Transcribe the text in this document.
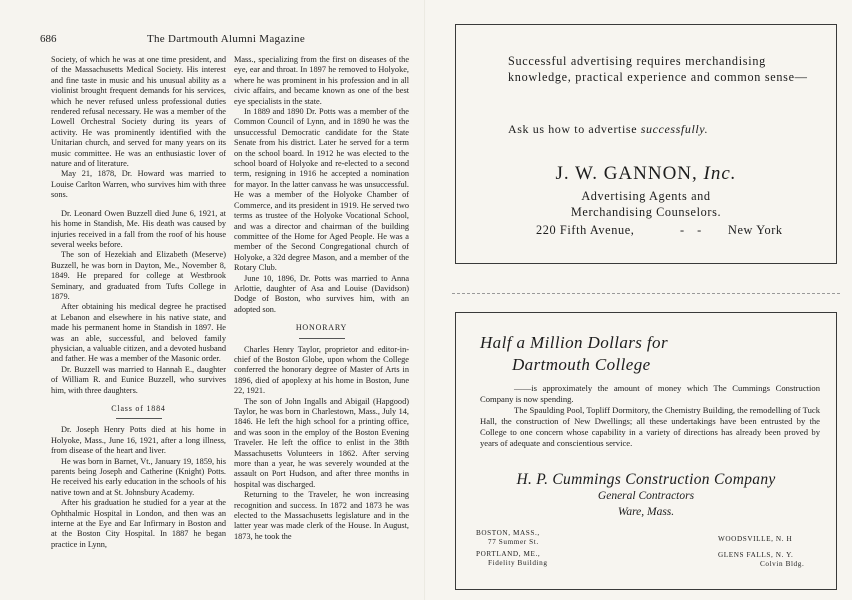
686	The Dartmouth Alumni Magazine

Society, of which he was at one time president, and of the Massachusetts Medical Society. His interest and fine taste in music and his unusual ability as a violinist brought frequent demands for his services, which he never refused unless professional duties rendered refusal necessary. He was a member of the Lowell Orchestral Society during its years of activity. He was prominently identified with the Unitarian church, and served for many years on its music committee. He was an enthusiastic lover of nature and of literature.

May 21, 1878, Dr. Howard was married to Louise Carlton Warren, who survives him with three sons.

Dr. Leonard Owen Buzzell died June 6, 1921, at his home in Standish, Me. His death was caused by injuries received in a fall from the roof of his house several weeks before.

The son of Hezekiah and Elizabeth (Meserve) Buzzell, he was born in Dayton, Me., November 8, 1849. He prepared for college at Westbrook Seminary, and graduated from Tufts College in 1879.

After obtaining his medical degree he practised at Lebanon and elsewhere in his native state, and made his permanent home in Standish in 1897. He was an able, successful, and beloved family physician, a valuable citizen, and a devoted husband and father. He was a member of the Masonic order.

Dr. Buzzell was married to Hannah E., daughter of William R. and Eunice Buzzell, who survives him, with three daughters.

Class of 1884

Dr. Joseph Henry Potts died at his home in Holyoke, Mass., June 16, 1921, after a long illness, from disease of the heart and liver.

He was born in Barnet, Vt., January 19, 1859, his parents being Joseph and Catherine (Knight) Potts. He received his early education in the schools of his native town and at St. Johnsbury Academy.

After his graduation he studied for a year at the Ophthalmic Hospital in London, and then was an interne at the Eye and Ear Infirmary in Boston and at the Boston City Hospital. In 1887 he began practice in Lynn,

Mass., specializing from the first on diseases of the eye, ear and throat. In 1897 he removed to Holyoke, where he was prominent in his profession and in all civic affairs, and became known as one of the best eye specialists in the state.

In 1889 and 1890 Dr. Potts was a member of the Common Council of Lynn, and in 1890 he was the unsuccessful Democratic candidate for the State Senate from his district. Later he served for a term on the school board. In 1912 he was elected to the school board of Holyoke and re-elected to a second term, resigning in 1916 he accepted a nomination for mayor. In the latter canvass he was unsuccessful. He was a member of the Holyoke Chamber of Commerce, and its president in 1919. He served two terms as trustee of the Holyoke Vocational School, and was a director and chairman of the building committee of the Home for Aged People. He was a member of the Second Congregational church of Holyoke, a 32d degree Mason, and a member of the Rotary Club.

June 10, 1896, Dr. Potts was married to Anna Arlottie, daughter of Asa and Louise (Davidson) Dodge of Boston, who survives him, with an adopted son.

HONORARY

Charles Henry Taylor, proprietor and editor-in-chief of the Boston Globe, upon whom the College conferred the honorary degree of Master of Arts in 1896, died of apoplexy at his home in Boston, June 22, 1921.

The son of John Ingalls and Abigail (Hapgood) Taylor, he was born in Charlestown, Mass., July 14, 1846. He left the high school for a printing office, and was soon in the employ of the Boston Evening Traveler. He left the office to enlist in the 38th Massachusetts Volunteers in 1862. After serving more than a year, he was severely wounded at the assault on Port Hudson, and after three months in hospital was discharged.

Returning to the Traveler, he won increasing recognition and success. In 1872 and 1873 he was elected to the Massachusetts legislature and in the latter year was made clerk of the House. In August, 1873, he took the

Successful advertising requires merchandising knowledge, practical experience and common sense—
Ask us how to advertise successfully.
J. W. GANNON, Inc.
Advertising Agents and
Merchandising Counselors.
220 Fifth Avenue,	- - New York
Half a Million Dollars for
Dartmouth College

——is approximately the amount of money which The Cummings Construction Company is now spending.

The Spaulding Pool, Topliff Dormitory, the Chemistry Building, the remodelling of Tuck Hall, the construction of New Dwellings; all these undertakings have been entrusted by the College to one concern whose capability in a variety of directions has already been proved by years of adequate and conscientious service.

H. P. Cummings Construction Company
General Contractors
Ware, Mass.
BOSTON, MASS.,
77 Summer St.
PORTLAND, ME.,
Fidelity Building
WOODSVILLE, N. H
GLENS FALLS, N. Y.
Colvin Bldg.
